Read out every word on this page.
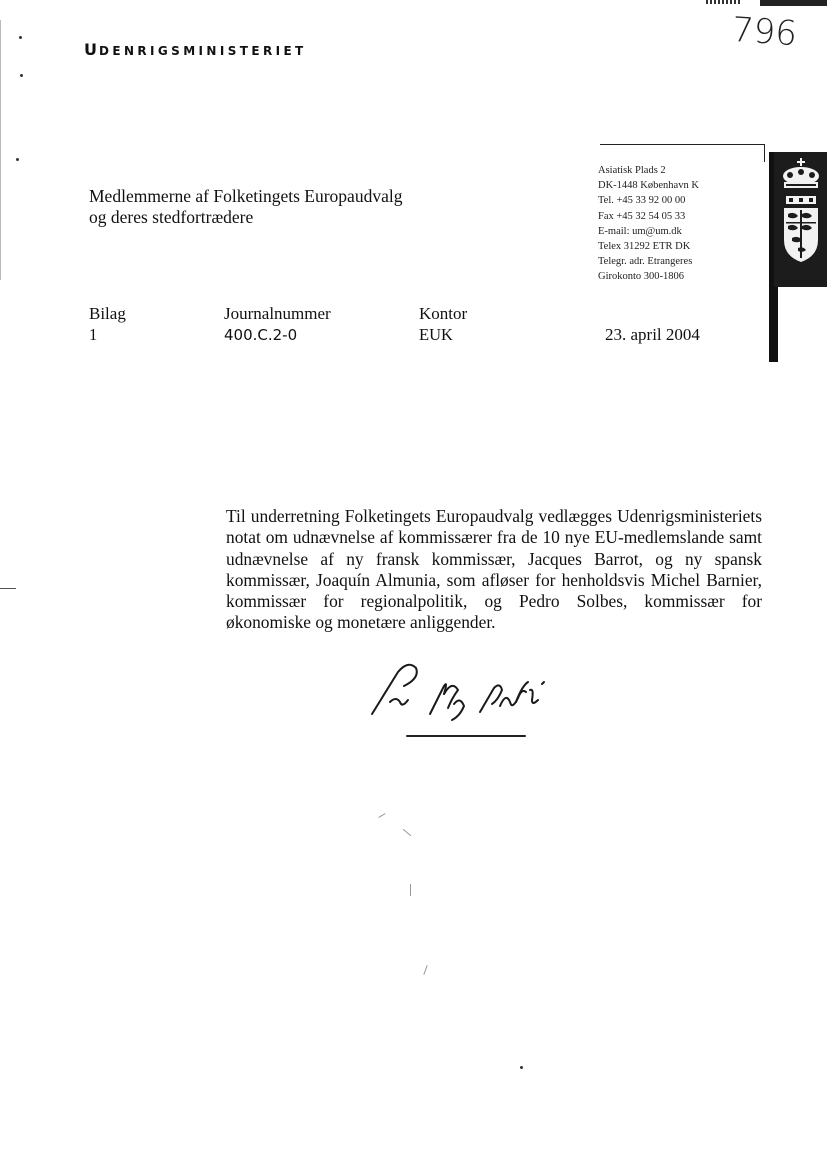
UDENRIGSMINISTERIET	796
Asiatisk Plads 2
DK-1448 København K
Tel. +45 33 92 00 00
Fax +45 32 54 05 33
E-mail: um@um.dk
Telex 31292 ETR DK
Telegr. adr. Etrangeres
Girokonto 300-1806
Medlemmerne af Folketingets Europaudvalg
og deres stedfortrædere
Bilag
1
Journalnummer
400.C.2-0
Kontor
EUK	23. april 2004
Til underretning Folketingets Europaudvalg vedlægges Udenrigsministeriets notat om udnævnelse af kommissærer fra de 10 nye EU-medlemslande samt udnævnelse af ny fransk kommissær, Jacques Barrot, og ny spansk kommissær, Joaquín Almunia, som afløser for henholdsvis Michel Barnier, kommissær for regionalpolitik, og Pedro Solbes, kommissær for økonomiske og monetære anliggender.
